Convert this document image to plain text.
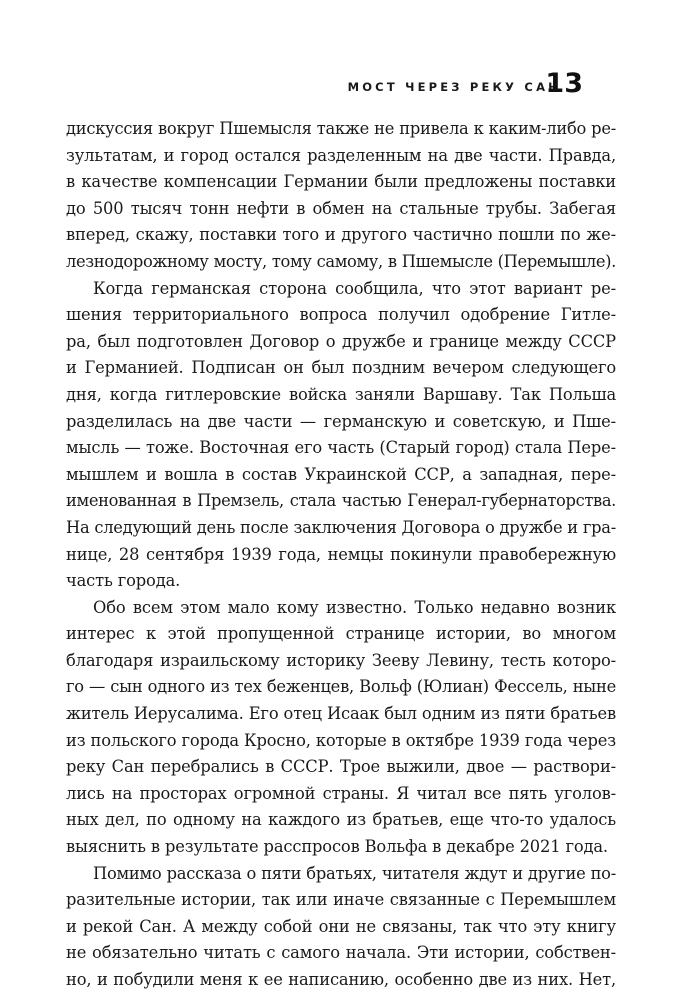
МОСТ ЧЕРЕЗ РЕКУ САН
13
дискуссия вокруг Пшемысля также не привела к каким-либо ре-
зультатам, и город остался разделенным на две части. Правда,
в качестве компенсации Германии были предложены поставки
до 500 тысяч тонн нефти в обмен на стальные трубы. Забегая
вперед, скажу, поставки того и другого частично пошли по же-
лезнодорожному мосту, тому самому, в Пшемысле (Перемышле).
Когда германская сторона сообщила, что этот вариант ре-
шения территориального вопроса получил одобрение Гитле-
ра, был подготовлен Договор о дружбе и границе между СССР
и Германией. Подписан он был поздним вечером следующего
дня, когда гитлеровские войска заняли Варшаву. Так Польша
разделилась на две части — германскую и советскую, и Пше-
мысль — тоже. Восточная его часть (Старый город) стала Пере-
мышлем и вошла в состав Украинской ССР, а западная, пере-
именованная в Премзель, стала частью Генерал-губернаторства.
На следующий день после заключения Договора о дружбе и гра-
нице, 28 сентября 1939 года, немцы покинули правобережную
часть города.
Обо всем этом мало кому известно. Только недавно возник
интерес к этой пропущенной странице истории, во многом
благодаря израильскому историку Зееву Левину, тесть которо-
го — сын одного из тех беженцев, Вольф (Юлиан) Фессель, ныне
житель Иерусалима. Его отец Исаак был одним из пяти братьев
из польского города Кросно, которые в октябре 1939 года через
реку Сан перебрались в СССР. Трое выжили, двое — раствори-
лись на просторах огромной страны. Я читал все пять уголов-
ных дел, по одному на каждого из братьев, еще что-то удалось
выяснить в результате расспросов Вольфа в декабре 2021 года.
Помимо рассказа о пяти братьях, читателя ждут и другие по-
разительные истории, так или иначе связанные с Перемышлем
и рекой Сан. А между собой они не связаны, так что эту книгу
не обязательно читать с самого начала. Эти истории, собствен-
но, и побудили меня к ее написанию, особенно две из них. Нет,
